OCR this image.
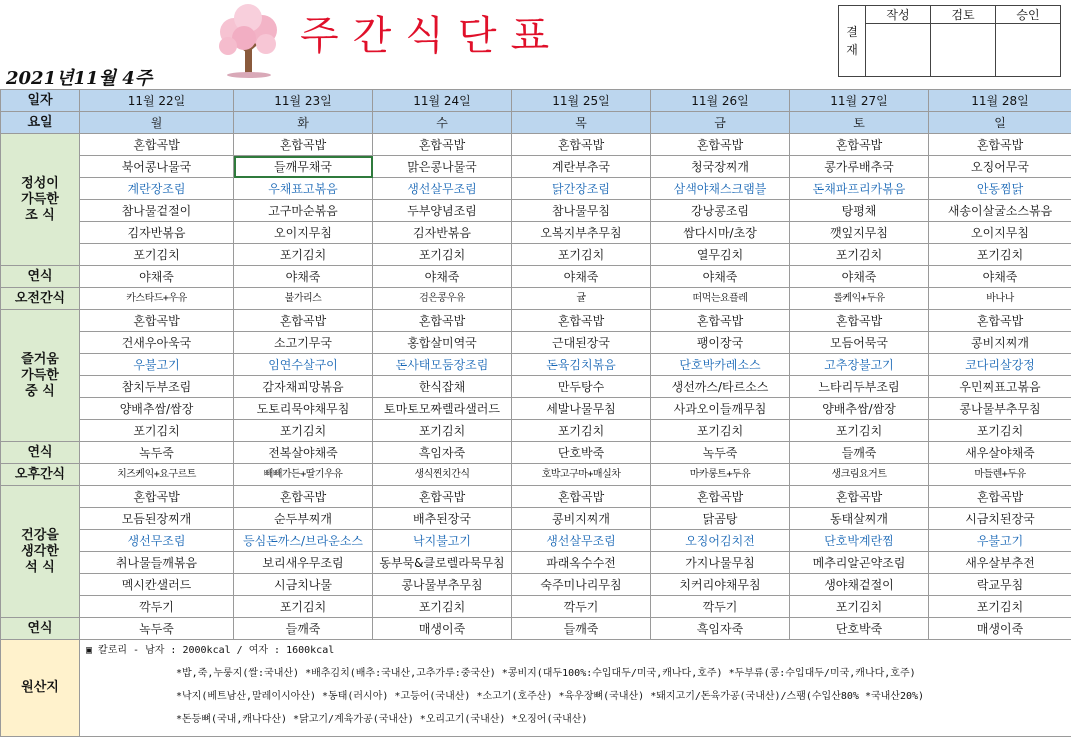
주간식단표
2021년11월 4주
결재	작성	검토	승인

일자	11월 22일	11월 23일	11월 24일	11월 25일	11월 26일	11월 27일	11월 28일
요일	월	화	수	목	금	토	일
정성이
가득한
조 식	혼합곡밥	혼합곡밥	혼합곡밥	혼합곡밥	혼합곡밥	혼합곡밥	혼합곡밥
	북어콩나물국	들깨무채국	맑은콩나물국	계란부추국	청국장찌개	콩가루배추국	오징어무국
	계란장조림	우채표고볶음	생선살무조림	닭간장조림	삼색야채스크램블	돈채파프리카볶음	안동찜닭
	참나물겉절이	고구마순볶음	두부양념조림	참나물무침	강낭콩조림	탕평채	새송이살굴소스볶음
	김자반볶음	오이지무침	김자반볶음	오복지부추무침	쌈다시마/초장	깻잎지무침	오이지무침
	포기김치	포기김치	포기김치	포기김치	열무김치	포기김치	포기김치
연식	야채죽	야채죽	야채죽	야채죽	야채죽	야채죽	야채죽
오전간식	카스타드+우유	불가리스	검은콩우유	귤	떠먹는요플레	롤케익+두유	바나나
즐거움
가득한
중 식	혼합곡밥	혼합곡밥	혼합곡밥	혼합곡밥	혼합곡밥	혼합곡밥	혼합곡밥
	건새우아욱국	소고기무국	홍합살미역국	근대된장국	팽이장국	모듬어묵국	콩비지찌개
	우불고기	임연수살구이	돈사태모둠장조림	돈육김치볶음	단호박카레소스	고추장불고기	코다리살강정
	참치두부조림	감자채피망볶음	한식잡채	만두탕수	생선까스/타르소스	느타리두부조림	우민찌표고볶음
	양배추쌈/쌈장	도토리묵야채무침	토마토모짜렐라샐러드	세발나물무침	사과오이들깨무침	양배추쌈/쌈장	콩나물부추무침
	포기김치	포기김치	포기김치	포기김치	포기김치	포기김치	포기김치
연식	녹두죽	전복살야채죽	흑임자죽	단호박죽	녹두죽	들깨죽	새우살야채죽
오후간식	치즈케익+요구르트	빼빼가든+딸기우유	생식찐치간식	호박고구마+매실차	마카롱트+두유	생크림요거트	마들렌+두유
건강을
생각한
석 식	혼합곡밥	혼합곡밥	혼합곡밥	혼합곡밥	혼합곡밥	혼합곡밥	혼합곡밥
	모듬된장찌개	순두부찌개	배추된장국	콩비지찌개	닭곰탕	동태살찌개	시금치된장국
	생선무조림	등심돈까스/브라운소스	낙지불고기	생선살무조림	오징어김치전	단호박계란찜	우불고기
	취나물들깨볶음	보리새우무조림	동부묵&클로렐라묵무침	파래옥수수전	가지나물무침	메추리알곤약조림	새우살부추전
	멕시칸샐러드	시금치나물	콩나물부추무침	숙주미나리무침	치커리야채무침	생야채겉절이	락교무침
	깍두기	포기김치	포기김치	깍두기	깍두기	포기김치	포기김치
연식	녹두죽	들깨죽	매생이죽	들깨죽	흑임자죽	단호박죽	매생이죽
원산지	▣ 칼로리 - 남자 : 2000kcal / 여자 : 1600kcal
*밥,죽,누룽지(쌀:국내산) *배추김치(배추:국내산,고추가루:중국산) *콩비지(대두100%:수입대두/미국,캐나다,호주) *두부류(콩:수입대두/미국,캐나다,호주)
*낙지(베트남산,말레이시아산) *동태(러시아) *고등어(국내산) *소고기(호주산) *육우장뼈(국내산) *돼지고기/돈육가공(국내산)/스팸(수입산80% *국내산20%)
*돈등뼈(국내,캐나다산) *닭고기/계육가공(국내산) *오리고기(국내산) *오징어(국내산)						
